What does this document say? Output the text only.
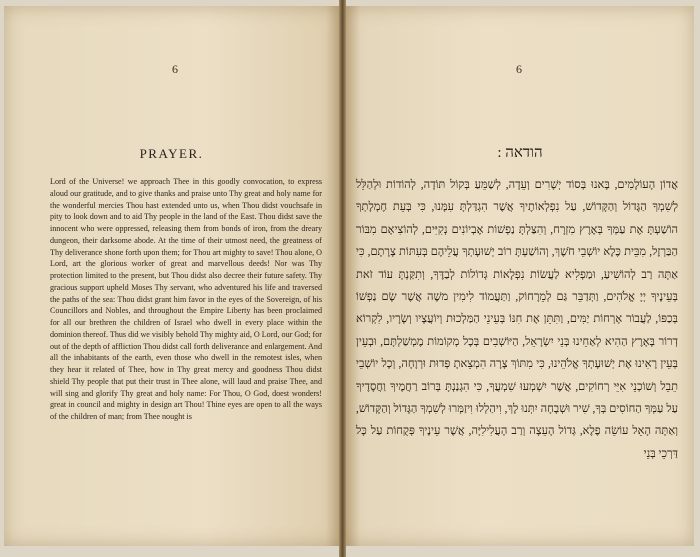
6
PRAYER.
Lord of the Universe! we approach Thee in this goodly convocation, to express aloud our gratitude, and to give thanks and praise unto Thy great and holy name for the wonderful mercies Thou hast extended unto us, when Thou didst vouchsafe in pity to look down and to aid Thy people in the land of the East. Thou didst save the innocent who were oppressed, releasing them from bonds of iron, from the dreary dungeon, their darksome abode. At the time of their utmost need, the greatness of Thy deliverance shone forth upon them; for Thou art mighty to save! Thou alone, O Lord, art the glorious worker of great and marvellous deeds! Nor was Thy protection limited to the present, but Thou didst also decree their future safety. Thy gracious support upheld Moses Thy servant, who adventured his life and traversed the paths of the sea: Thou didst grant him favor in the eyes of the Sovereign, of his Councillors and Nobles, and throughout the Empire Liberty has been proclaimed for all our brethren the children of Israel who dwell in every place within the dominion thereof. Thus did we visibly behold Thy mighty aid, O Lord, our God; for out of the depth of affliction Thou didst call forth deliverance and enlargement. And all the inhabitants of the earth, even those who dwell in the remotest isles, when they hear it related of Thee, how in Thy great mercy and goodness Thou didst shield Thy people that put their trust in Thee alone, will laud and praise Thee, and will sing and glorify Thy great and holy name: For Thou, O God, doest wonders! great in council and mighty in design art Thou! Thine eyes are open to all the ways of the children of man; from Thee nought is
6
הודאה :
אֲדוֹן הָעוֹלָמִים, בָּאנוּ בְּסוֹד יְשָׁרִים וְעֵדָה, לְשַׁמֵּעַ בְּקוֹל תּוֹדָה, לְהוֹדוֹת וּלְהַלֵּל לְשִׁמְךָ הַגָּדוֹל וְהַקָּדוֹשׁ, עַל נִפְלְאוֹתֶיךָ אֲשֶׁר הִגְדַּלְתָּ עִמָּנוּ, כִּי בְּעֵת חֶמְלָתְךָ הוֹשַׁעְתָּ אֶת עַמְּךָ בְּאֶרֶץ מִזְרָח, וְהִצַּלְתָּ נַפְשׁוֹת אֶבְיוֹנִים נְקִיִּים, לְהוֹצִיאָם מִבּוֹר הַבַּרְזֶל, מִבֵּית כֶּלֶא יוֹשְׁבֵי חֹשֶׁךְ, וְהוֹשַׁעְתָּ רוֹב יְשׁוּעָתְךָ עֲלֵיהֶם בְּעִתּוֹת צָרָתָם, כִּי אַתָּה רַב לְהוֹשִׁיעַ, וּמַפְלִיא לַעֲשׂוֹת נִפְלָאוֹת גְּדוֹלוֹת לְבַדֶּךָ, וְתִקַּנְתָּ עוֹד זֹאת בְּעֵינֶיךָ יְיָ אֱלֹהִים, וַתְּדַבֵּר גַּם לְמֵרָחוֹק, וַתַּעֲמוֹד לִימִין משֶׁה אֲשֶׁר שָׂם נַפְשׁוֹ בְּכַפּוֹ, לַעֲבוֹר אָרְחוֹת יַמִּים, וַתִּתֵּן אֶת חִנּוֹ בְּעֵינֵי הַמַּלְכוּת וְיוֹעֲצָיו וְשָׂרָיו, לִקְרוֹא דְרוֹר בָּאָרֶץ הַהִיא לְאַחֵינוּ בְּנֵי יִשְׂרָאֵל, הַיּוֹשְׁבִים בְּכָל מְקוֹמוֹת מֶמְשַׁלְתָּם, וּבְעֵין בְּעֵין רָאִינוּ אֶת יְשׁוּעָתְךָ אֱלֹהֵינוּ, כִּי מִתּוֹךְ צָרָה הִמְצֵאתָ פְּדוּת וּרְוָחָה, וְכָל יוֹשְׁבֵי תֵבֵל וְשׁוֹכְנֵי אִיֵּי רְחוֹקִים, אֲשֶׁר יִשְׁמְעוּ שִׁמְעֲךָ, כִּי הִגְנַנְתָּ בְּרוֹב רַחֲמֶיךָ וַחֲסָדֶיךָ עַל עַמְּךָ הַחוֹסִים בְּךָ, שִׁיר וּשְׁבָחָה יִתְּנוּ לָךְ, וִיהַלְלוּ וִיזַמְּרוּ לְשִׁמְךָ הַגָּדוֹל וְהַקָּדוֹשׁ, וְאַתָּה הָאֵל עוֹשֵׂה פֶלֶא, גְּדוֹל הָעֵצָה וְרַב הָעֲלִילִיָּה, אֲשֶׁר עֵינֶיךָ פְּקֻחוֹת עַל כָּל דַּרְכֵי בְּנֵי
